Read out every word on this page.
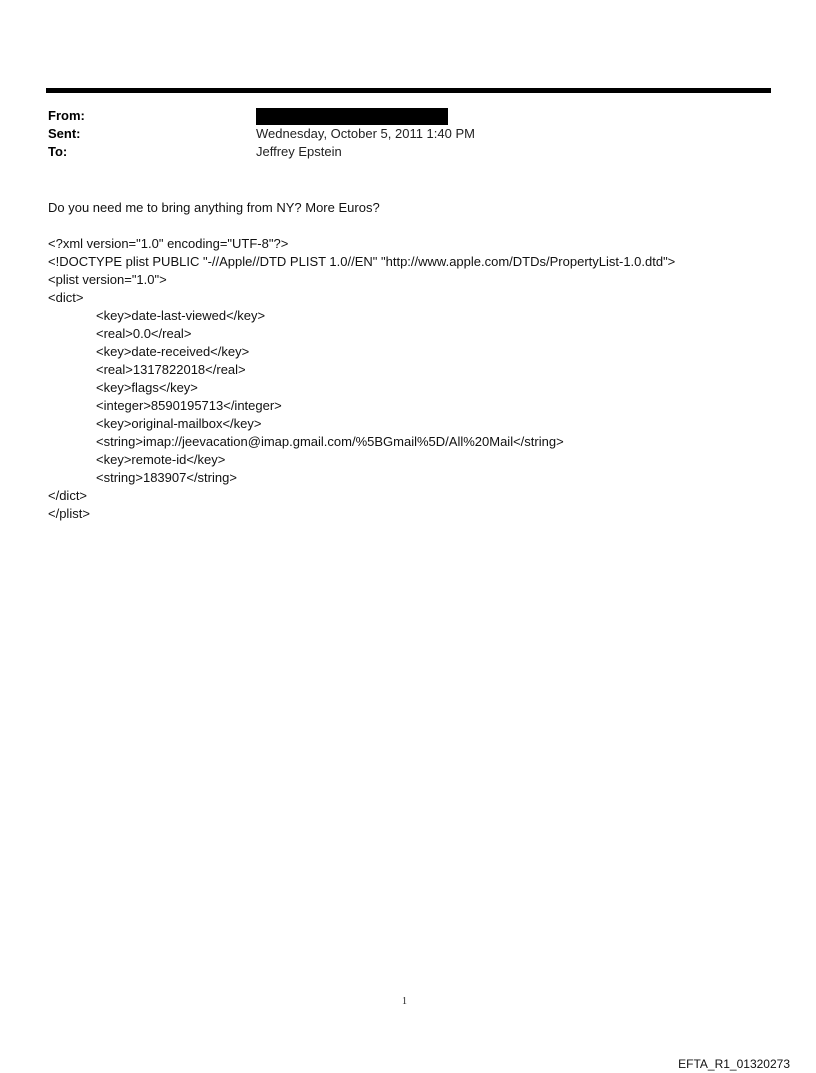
From:
Sent:	Wednesday, October 5, 2011 1:40 PM
To:	Jeffrey Epstein
Do you need me to bring anything from NY? More Euros?
<?xml version="1.0" encoding="UTF-8"?>
<!DOCTYPE plist PUBLIC "-//Apple//DTD PLIST 1.0//EN" "http://www.apple.com/DTDs/PropertyList-1.0.dtd">
<plist version="1.0">
<dict>
<key>date-last-viewed</key>
<real>0.0</real>
<key>date-received</key>
<real>1317822018</real>
<key>flags</key>
<integer>8590195713</integer>
<key>original-mailbox</key>
<string>imap://jeevacation@imap.gmail.com/%5BGmail%5D/All%20Mail</string>
<key>remote-id</key>
<string>183907</string>
</dict>
</plist>
1
EFTA_R1_01320273
